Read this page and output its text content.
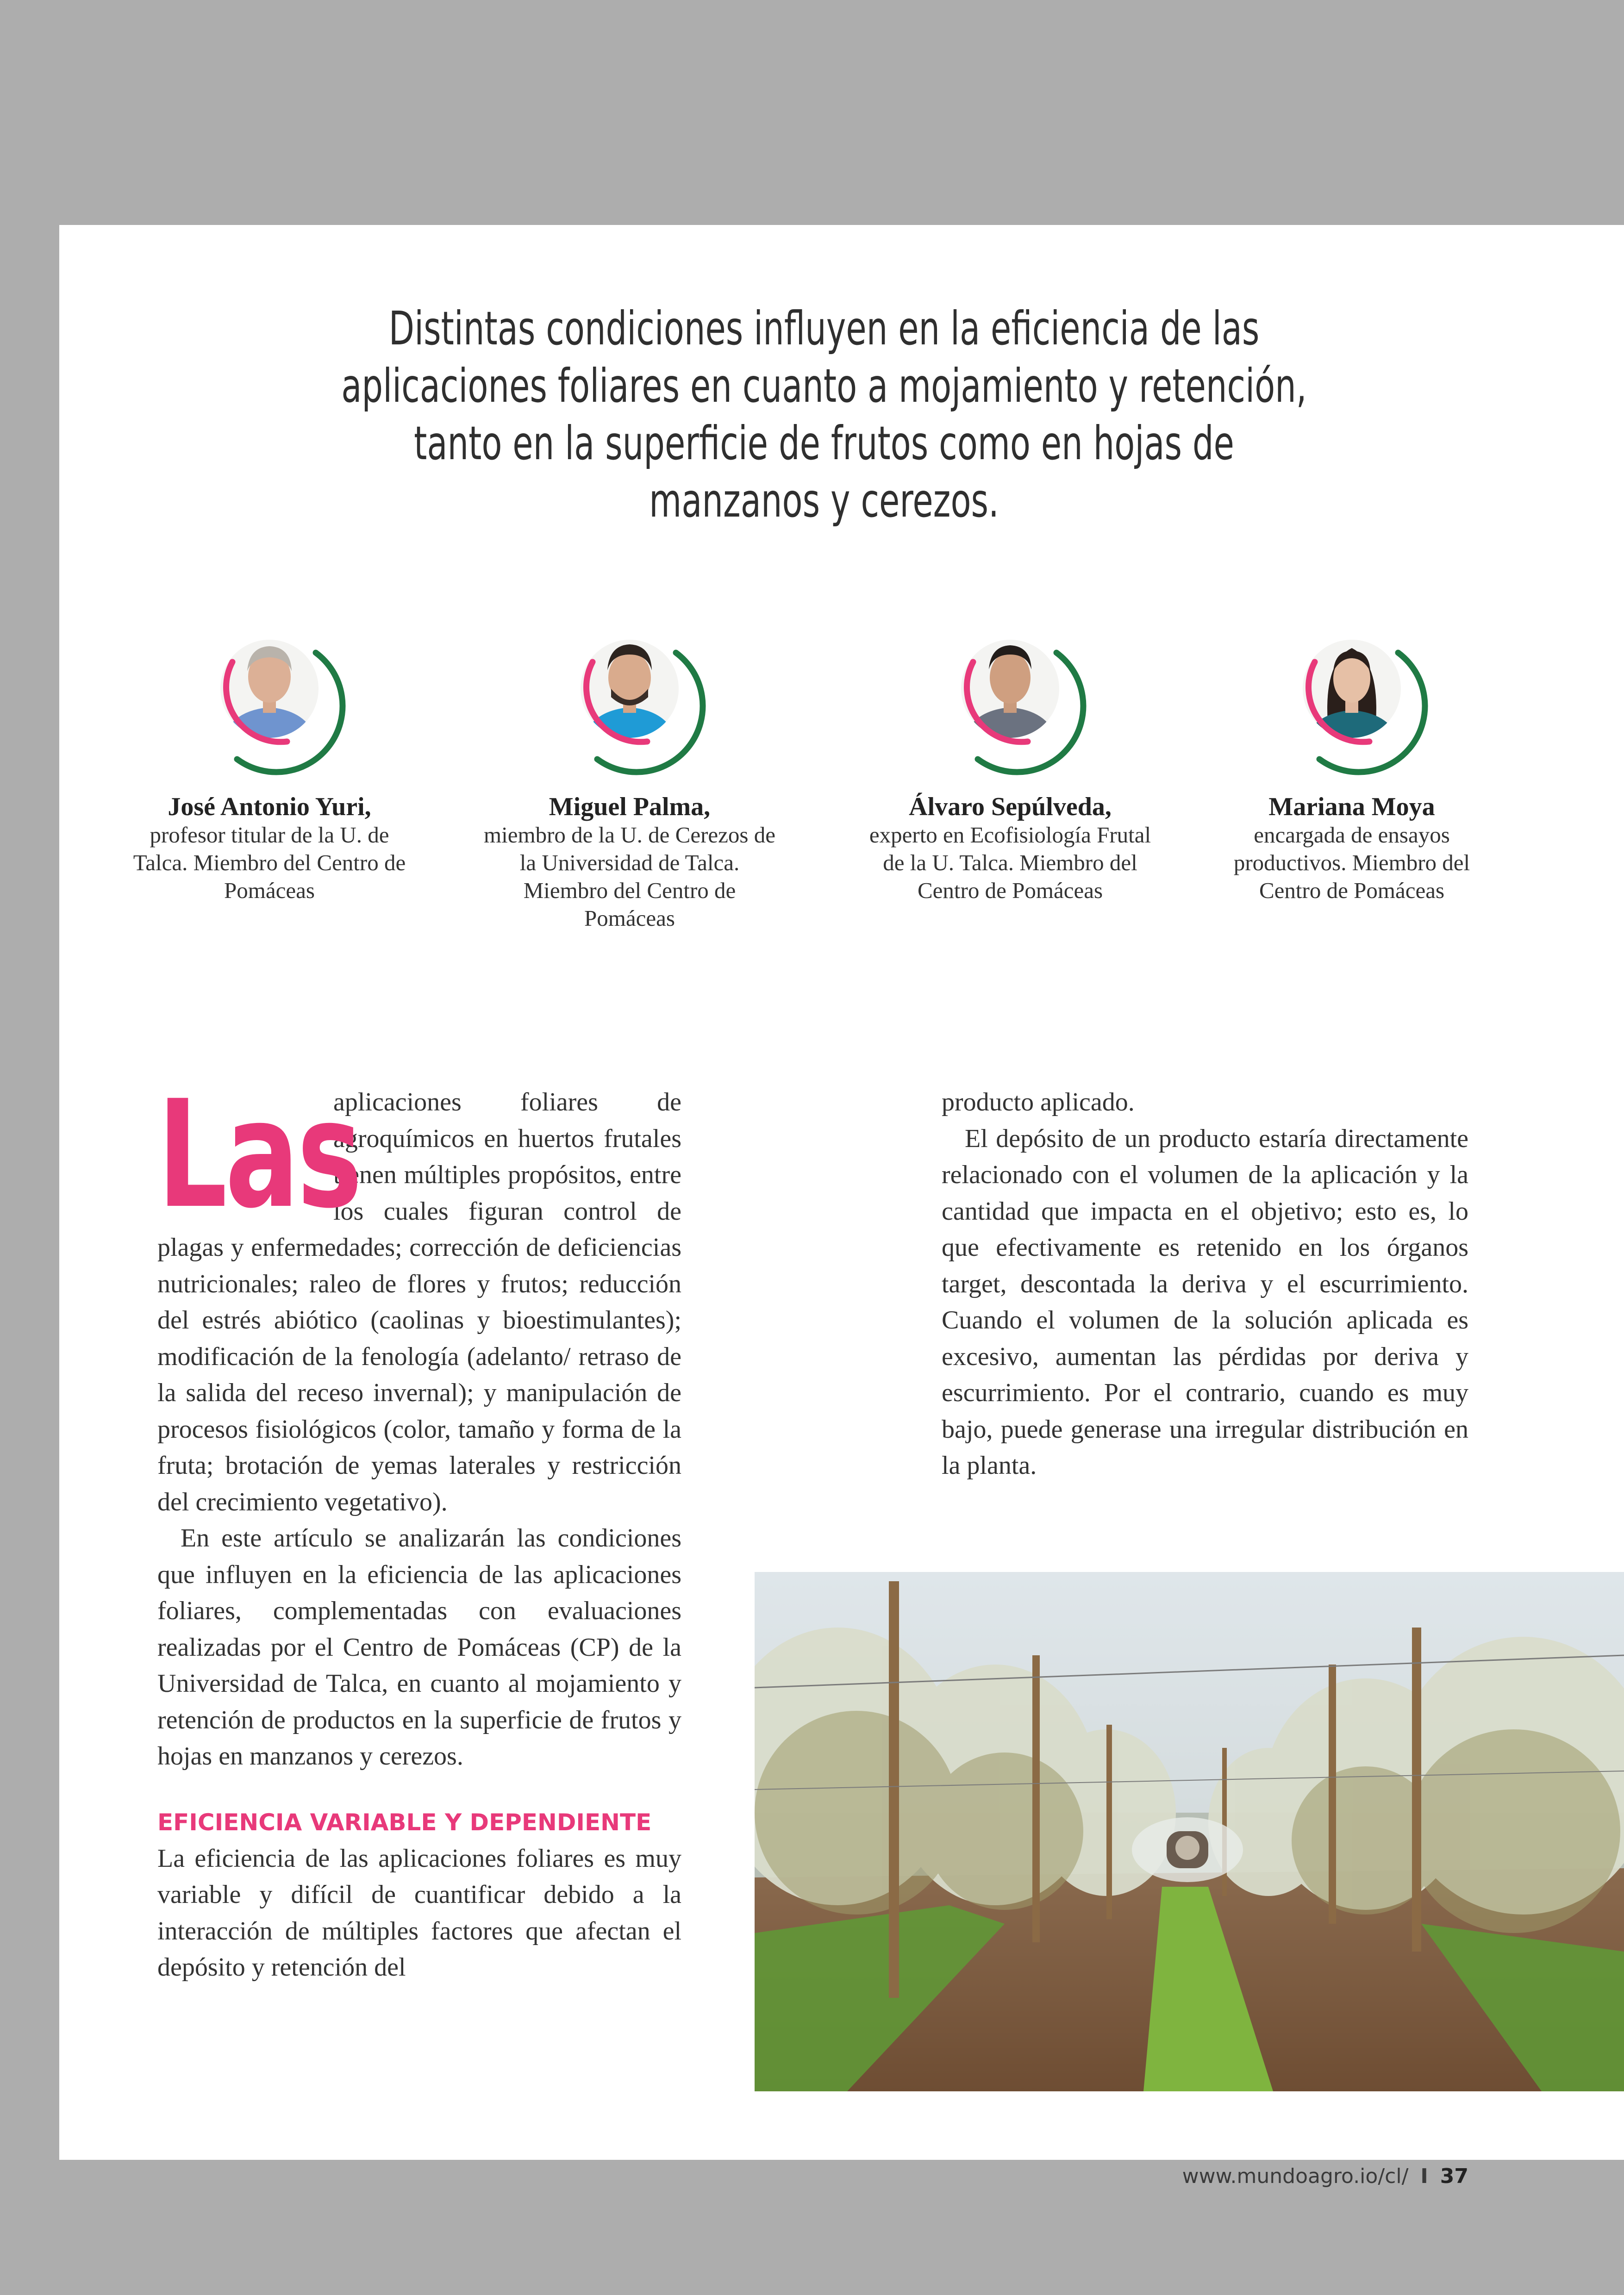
Distintas condiciones influyen en la eficiencia de las aplicaciones foliares en cuanto a mojamiento y retención, tanto en la superficie de frutos como en hojas de manzanos y cerezos.
José Antonio Yuri,
profesor titular de la U. de Talca. Miembro del Centro de Pomáceas
Miguel Palma,
miembro de la U. de Cerezos de la Universidad de Talca. Miembro del Centro de Pomáceas
Álvaro Sepúlveda,
experto en Ecofisiología Frutal de la U. Talca. Miembro del Centro de Pomáceas
Mariana Moya
encargada de ensayos productivos. Miembro del Centro de Pomáceas
Las

aplicaciones foliares de agroquímicos en huertos frutales tienen múltiples propósitos, entre los cuales figuran control de plagas y enfermedades; corrección de deficiencias nutricionales; raleo de flores y frutos; reducción del estrés abiótico (caolinas y bioestimulantes); modificación de la fenología (adelanto/ retraso de la salida del receso invernal); y manipulación de procesos fisiológicos (color, tamaño y forma de la fruta; brotación de yemas laterales y restricción del crecimiento vegetativo).

En este artículo se analizarán las condiciones que influyen en la eficiencia de las aplicaciones foliares, complementadas con evaluaciones realizadas por el Centro de Pomáceas (CP) de la Universidad de Talca, en cuanto al mojamiento y retención de productos en la superficie de frutos y hojas en manzanos y cerezos.

EFICIENCIA VARIABLE Y DEPENDIENTE

La eficiencia de las aplicaciones foliares es muy variable y difícil de cuantificar debido a la interacción de múltiples factores que afectan el depósito y retención del

producto aplicado.

El depósito de un producto estaría directamente relacionado con el volumen de la aplicación y la cantidad que impacta en el objetivo; esto es, lo que efectivamente es retenido en los órganos target, descontada la deriva y el escurrimiento. Cuando el volumen de la solución aplicada es excesivo, aumentan las pérdidas por deriva y escurrimiento. Por el contrario, cuando es muy bajo, puede generase una irregular distribución en la planta.

www.mundoagro.io/cl/ I 37
